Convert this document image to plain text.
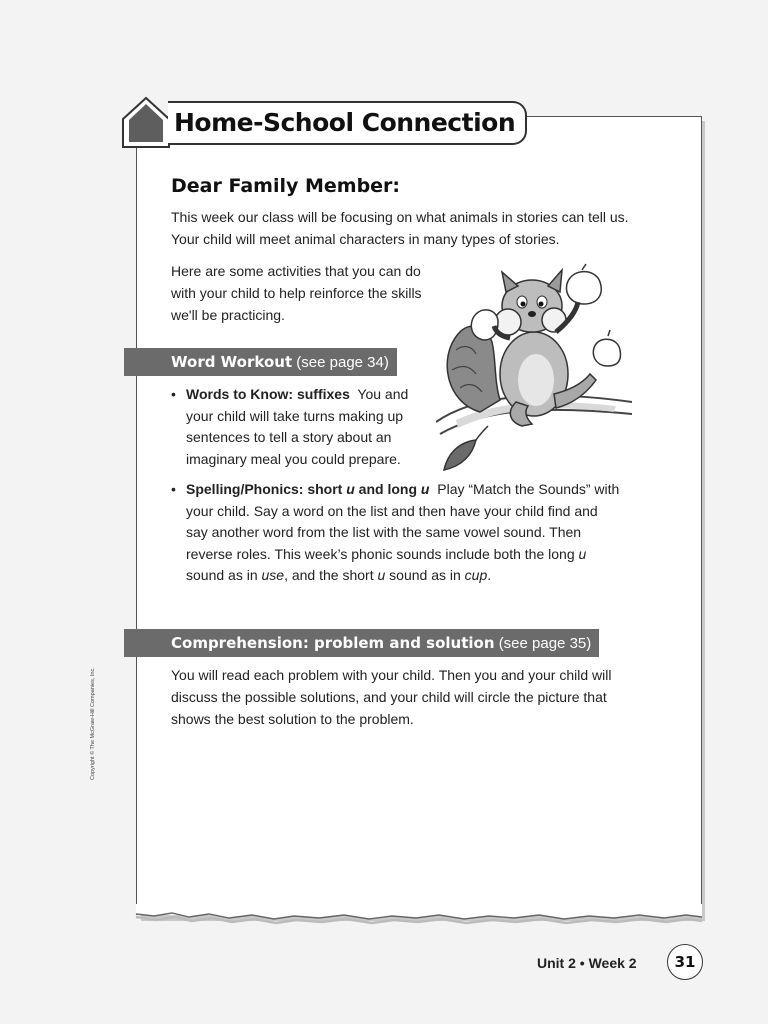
Home-School Connection
Dear Family Member:
This week our class will be focusing on what animals in stories can tell us. Your child will meet animal characters in many types of stories.
Here are some activities that you can do with your child to help reinforce the skills we'll be practicing.
Word Workout (see page 34)
• Words to Know: suffixes You and your child will take turns making up sentences to tell a story about an imaginary meal you could prepare.
• Spelling/Phonics: short u and long u Play “Match the Sounds” with your child. Say a word on the list and then have your child find and say another word from the list with the same vowel sound. Then reverse roles. This week’s phonic sounds include both the long u sound as in use, and the short u sound as in cup.
Comprehension: problem and solution (see page 35)
You will read each problem with your child. Then you and your child will discuss the possible solutions, and your child will circle the picture that shows the best solution to the problem.
Copyright © The McGraw-Hill Companies, Inc.
Unit 2 • Week 2	31
